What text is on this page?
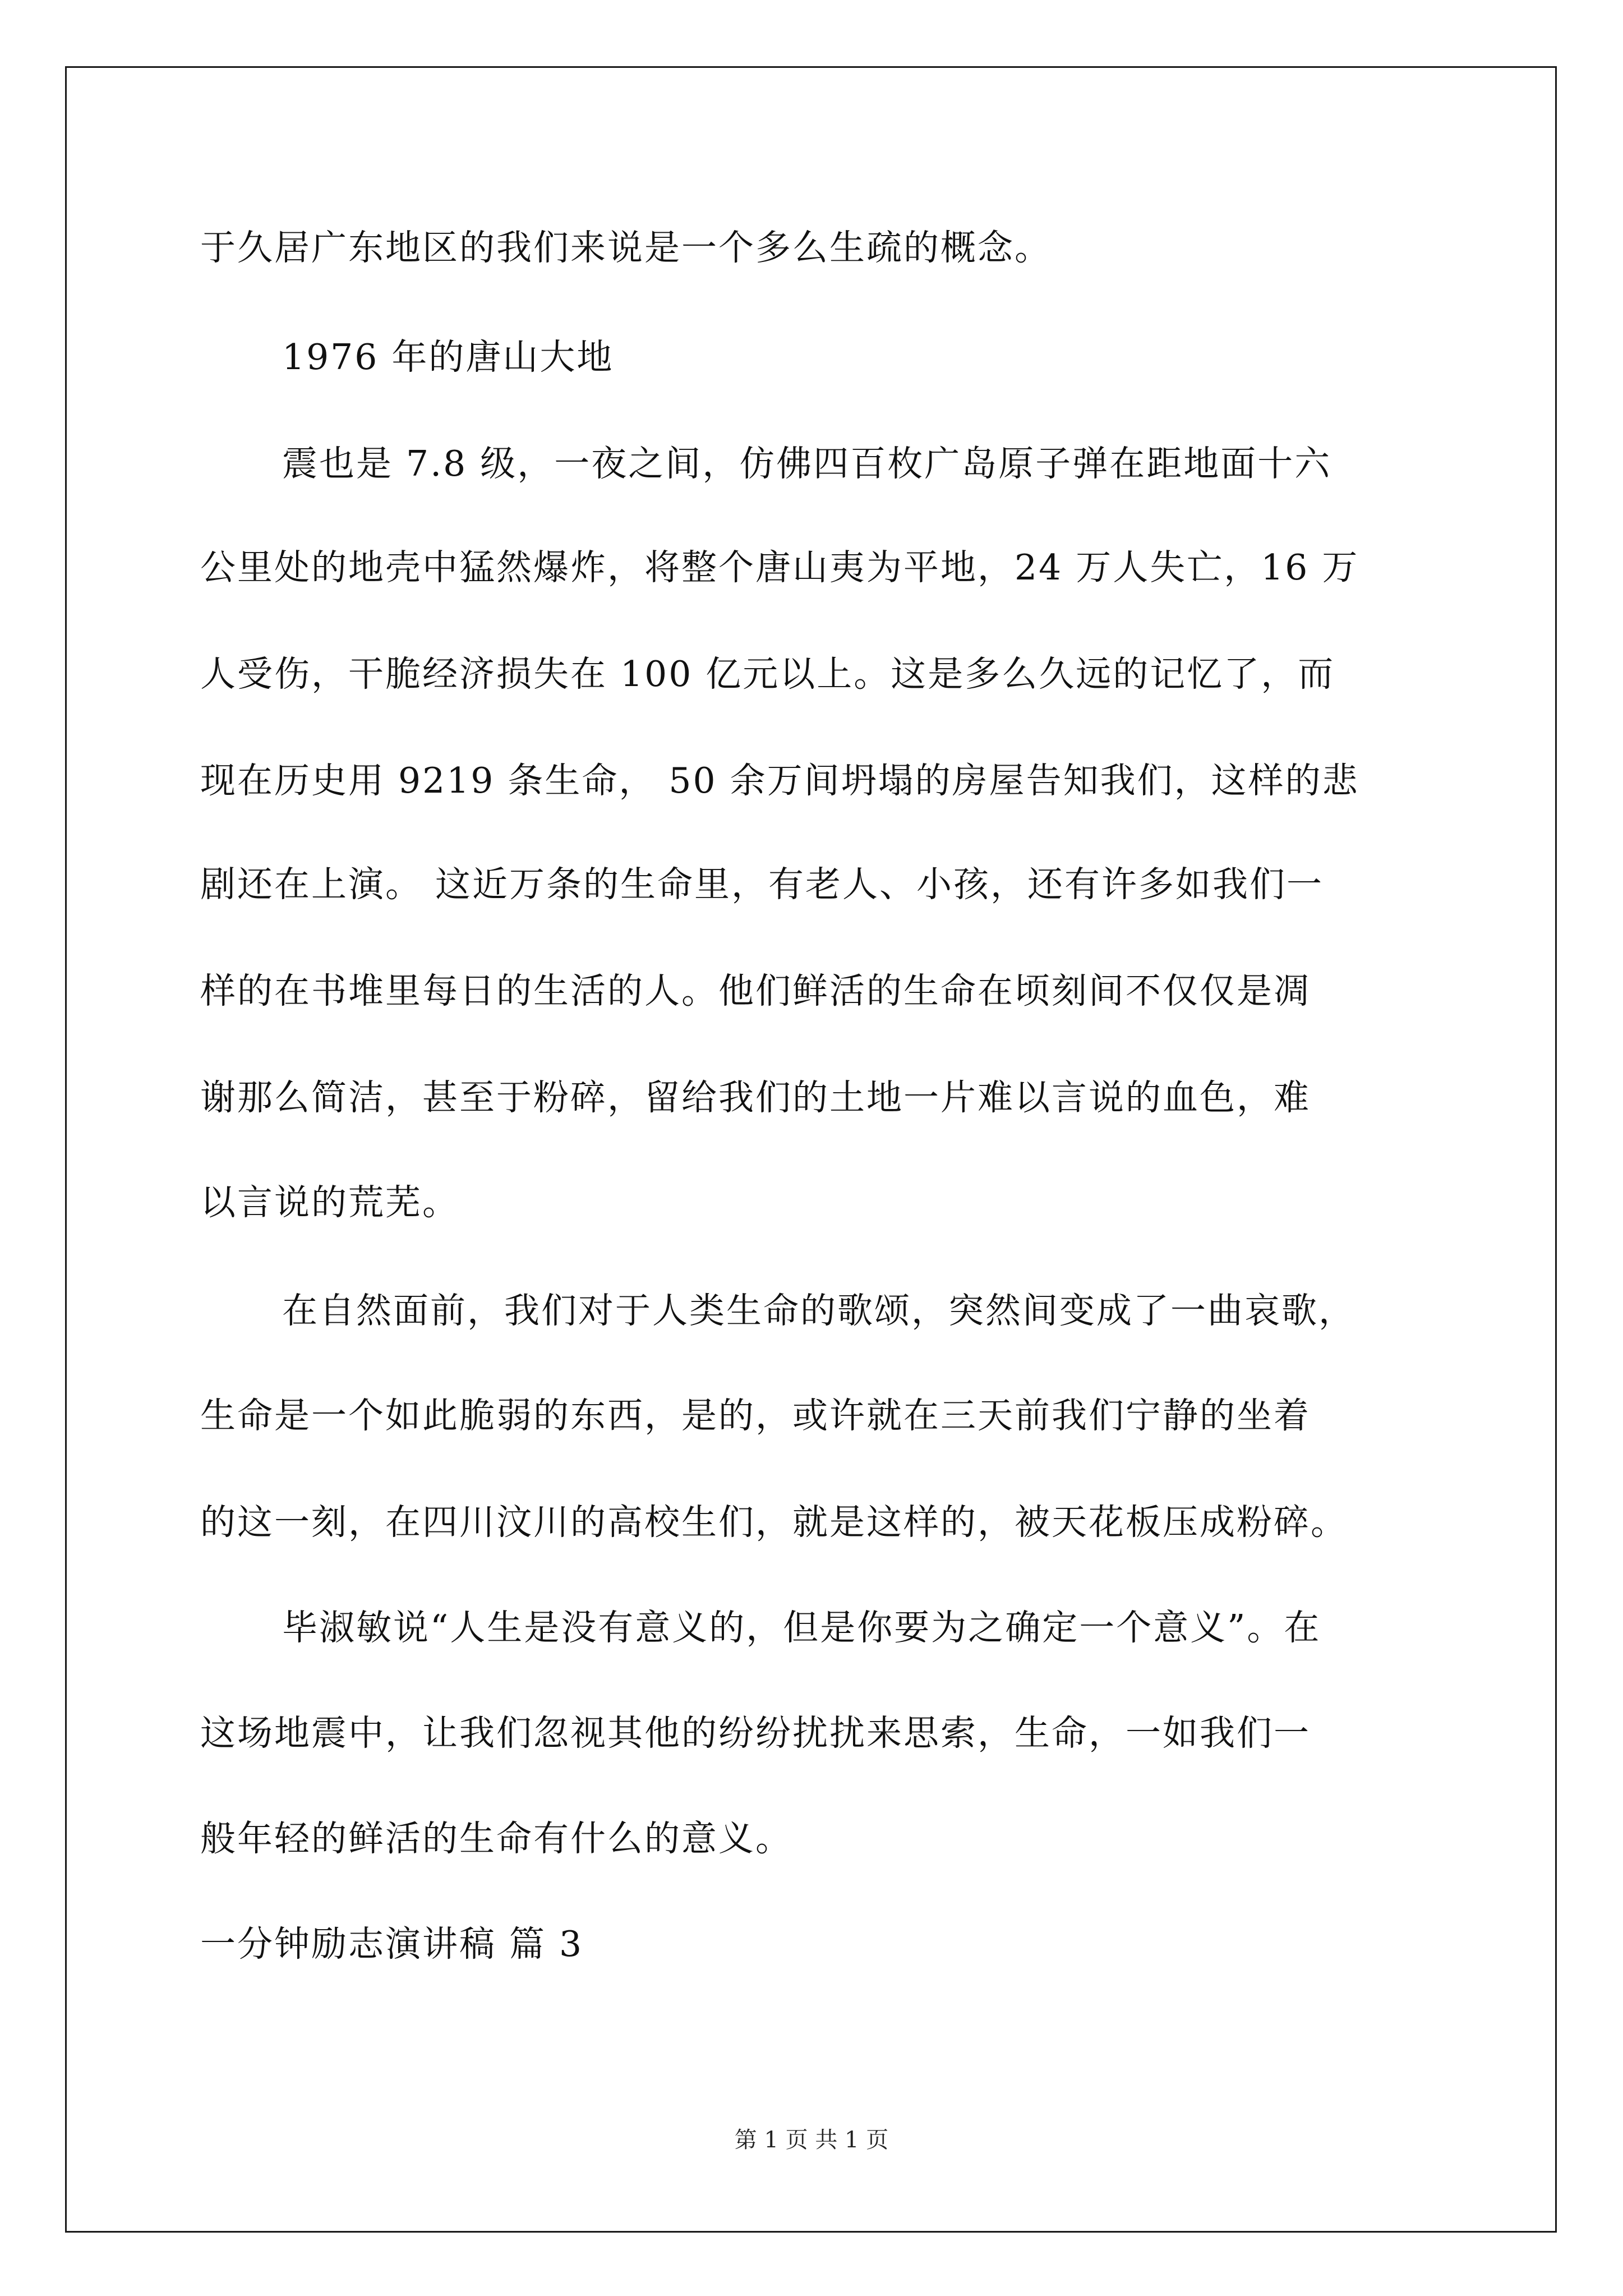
于久居广东地区的我们来说是一个多么生疏的概念。
1976 年的唐山大地
震也是 7.8 级，一夜之间，仿佛四百枚广岛原子弹在距地面十六
公里处的地壳中猛然爆炸，将整个唐山夷为平地，24 万人失亡，16 万
人受伤，干脆经济损失在 100 亿元以上。这是多么久远的记忆了，而
现在历史用 9219 条生命， 50 余万间坍塌的房屋告知我们，这样的悲
剧还在上演。 这近万条的生命里，有老人、小孩，还有许多如我们一
样的在书堆里每日的生活的人。他们鲜活的生命在顷刻间不仅仅是凋
谢那么简洁，甚至于粉碎，留给我们的土地一片难以言说的血色，难
以言说的荒芜。
在自然面前，我们对于人类生命的歌颂，突然间变成了一曲哀歌，
生命是一个如此脆弱的东西，是的，或许就在三天前我们宁静的坐着
的这一刻，在四川汶川的高校生们，就是这样的，被天花板压成粉碎。
毕淑敏说“人生是没有意义的，但是你要为之确定一个意义”。在
这场地震中，让我们忽视其他的纷纷扰扰来思索，生命，一如我们一
般年轻的鲜活的生命有什么的意义。
一分钟励志演讲稿 篇 3
第 1 页 共 1 页
